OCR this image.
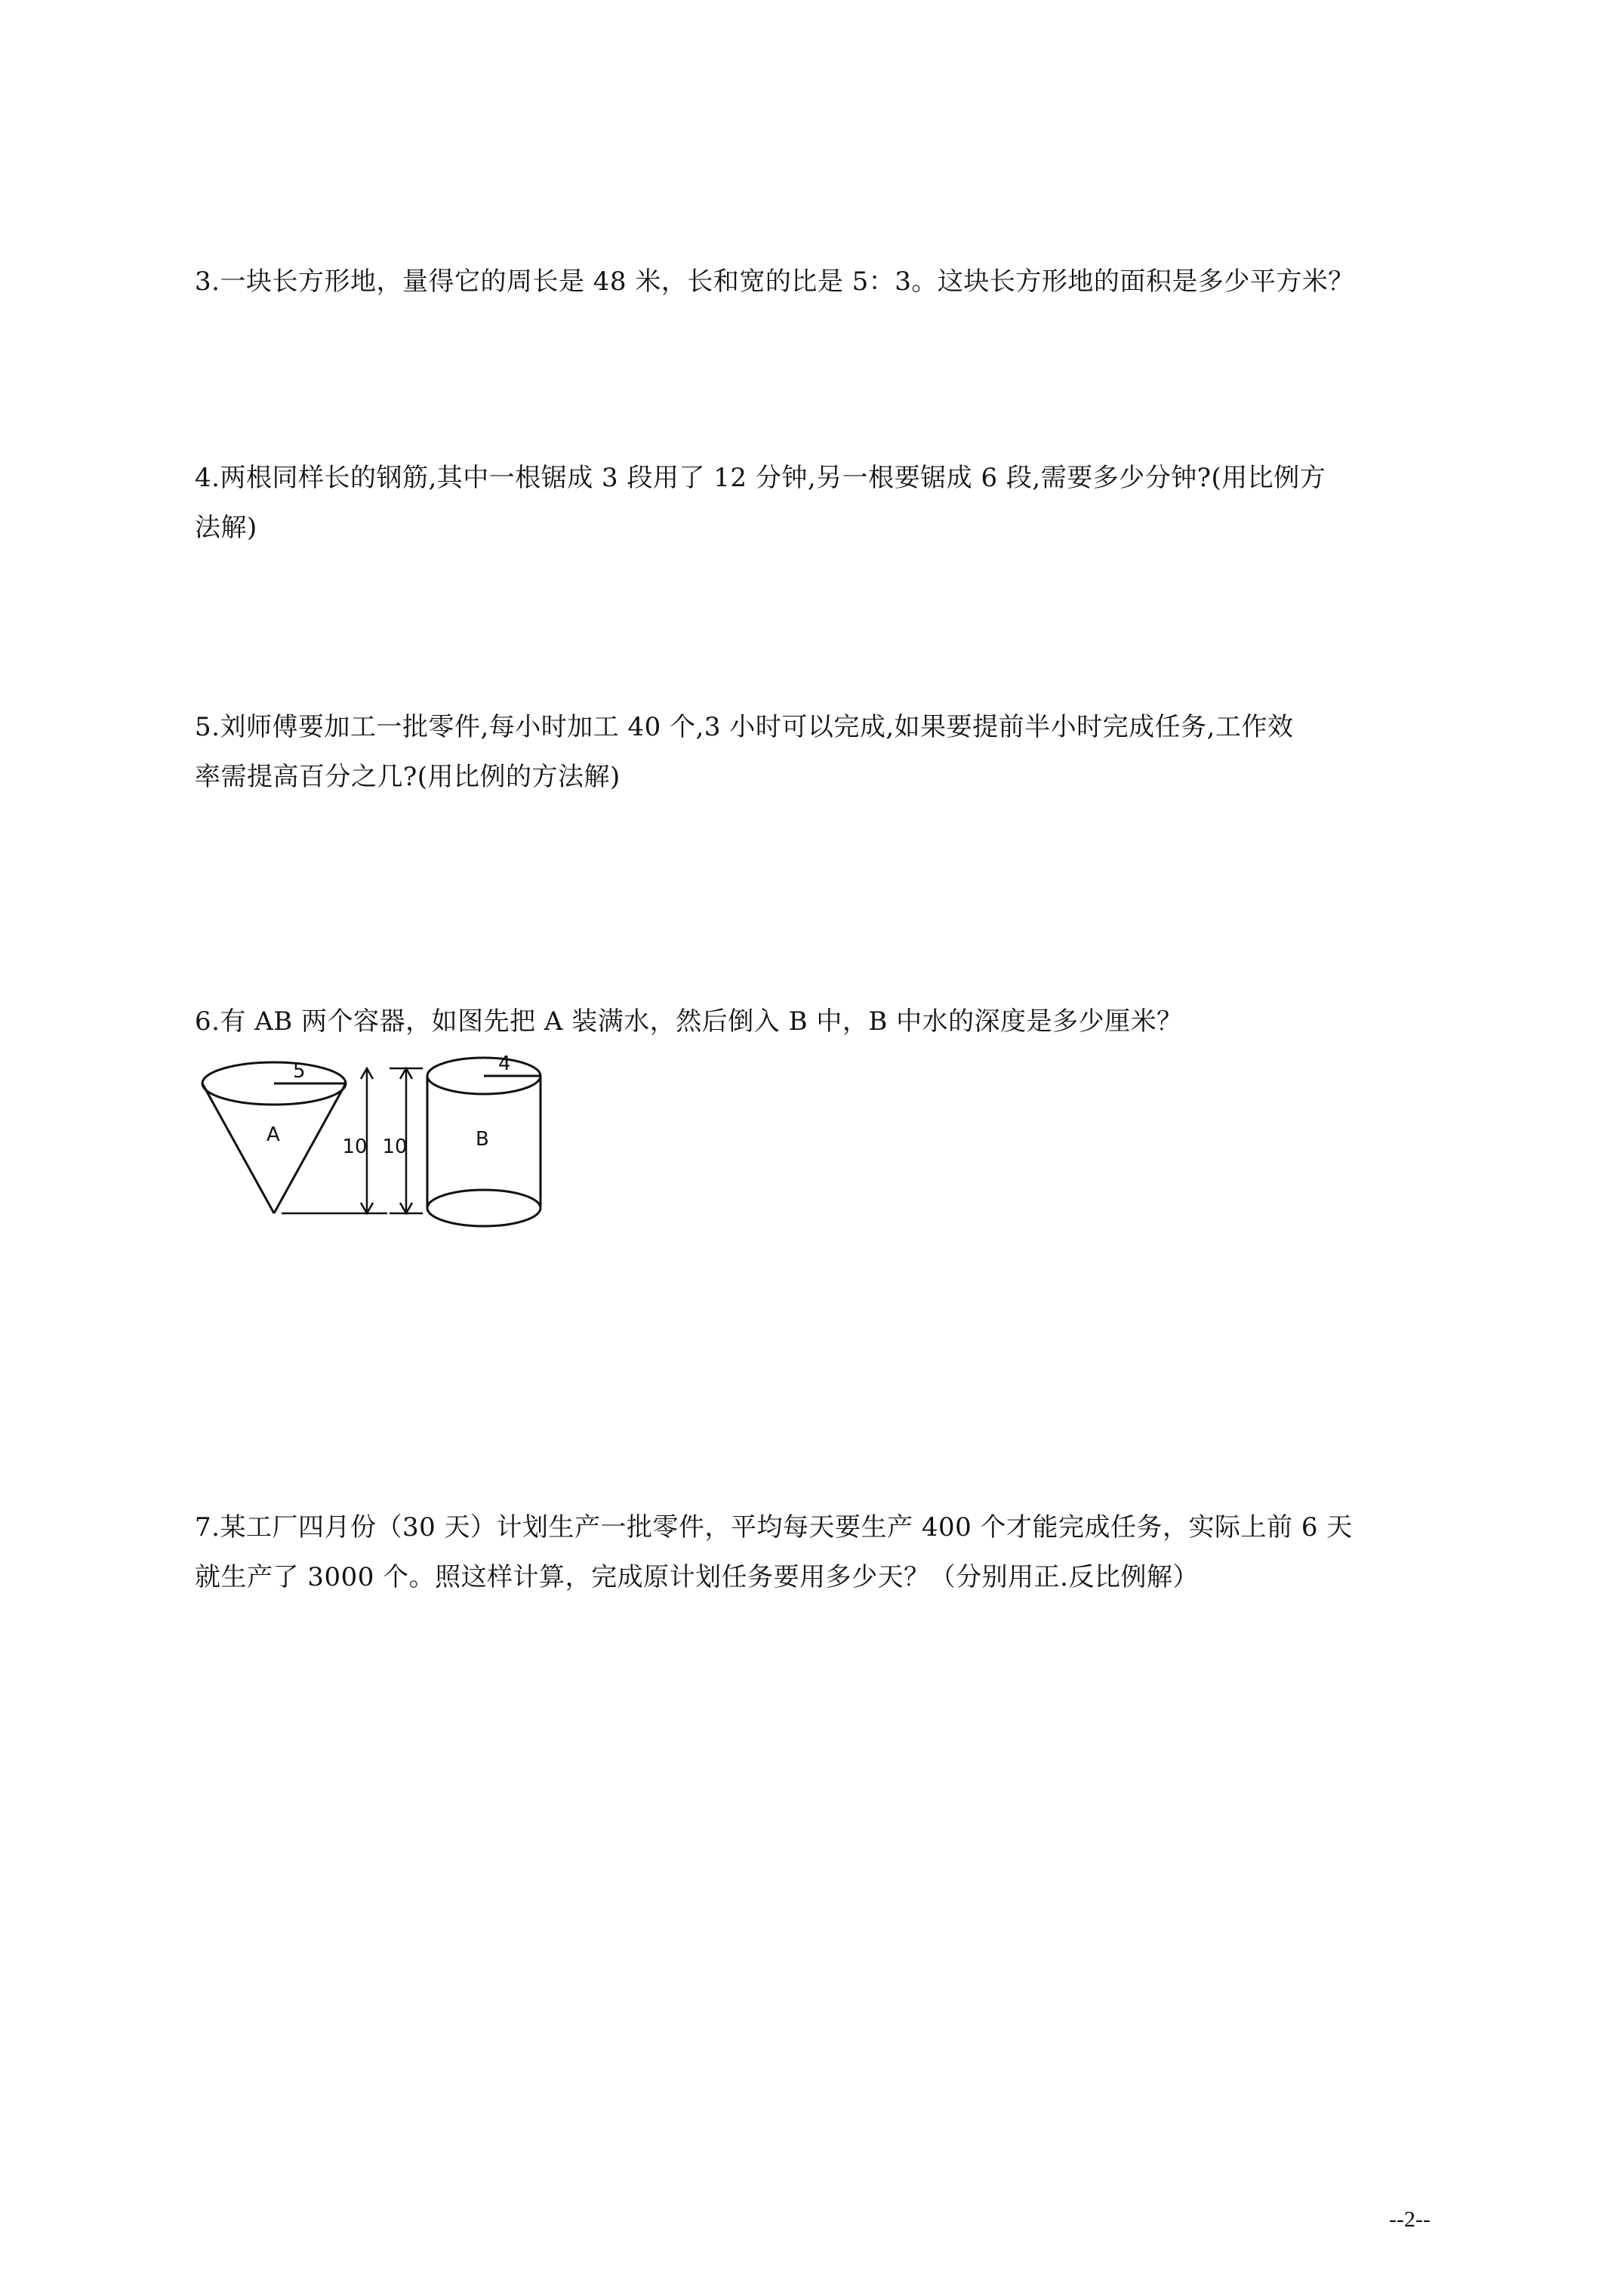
3.一块长方形地，量得它的周长是 48 米，长和宽的比是 5：3。这块长方形地的面积是多少平方米？
4.两根同样长的钢筋,其中一根锯成 3 段用了 12 分钟,另一根要锯成 6 段,需要多少分钟?(用比例方
法解)
5.刘师傅要加工一批零件,每小时加工 40 个,3 小时可以完成,如果要提前半小时完成任务,工作效
率需提高百分之几?(用比例的方法解)
6.有 AB 两个容器，如图先把 A 装满水，然后倒入 B 中，B 中水的深度是多少厘米？
5
A
10 10
4
B
7.某工厂四月份（30 天）计划生产一批零件，平均每天要生产 400 个才能完成任务，实际上前 6 天
就生产了 3000 个。照这样计算，完成原计划任务要用多少天？（分别用正.反比例解）
--2--
